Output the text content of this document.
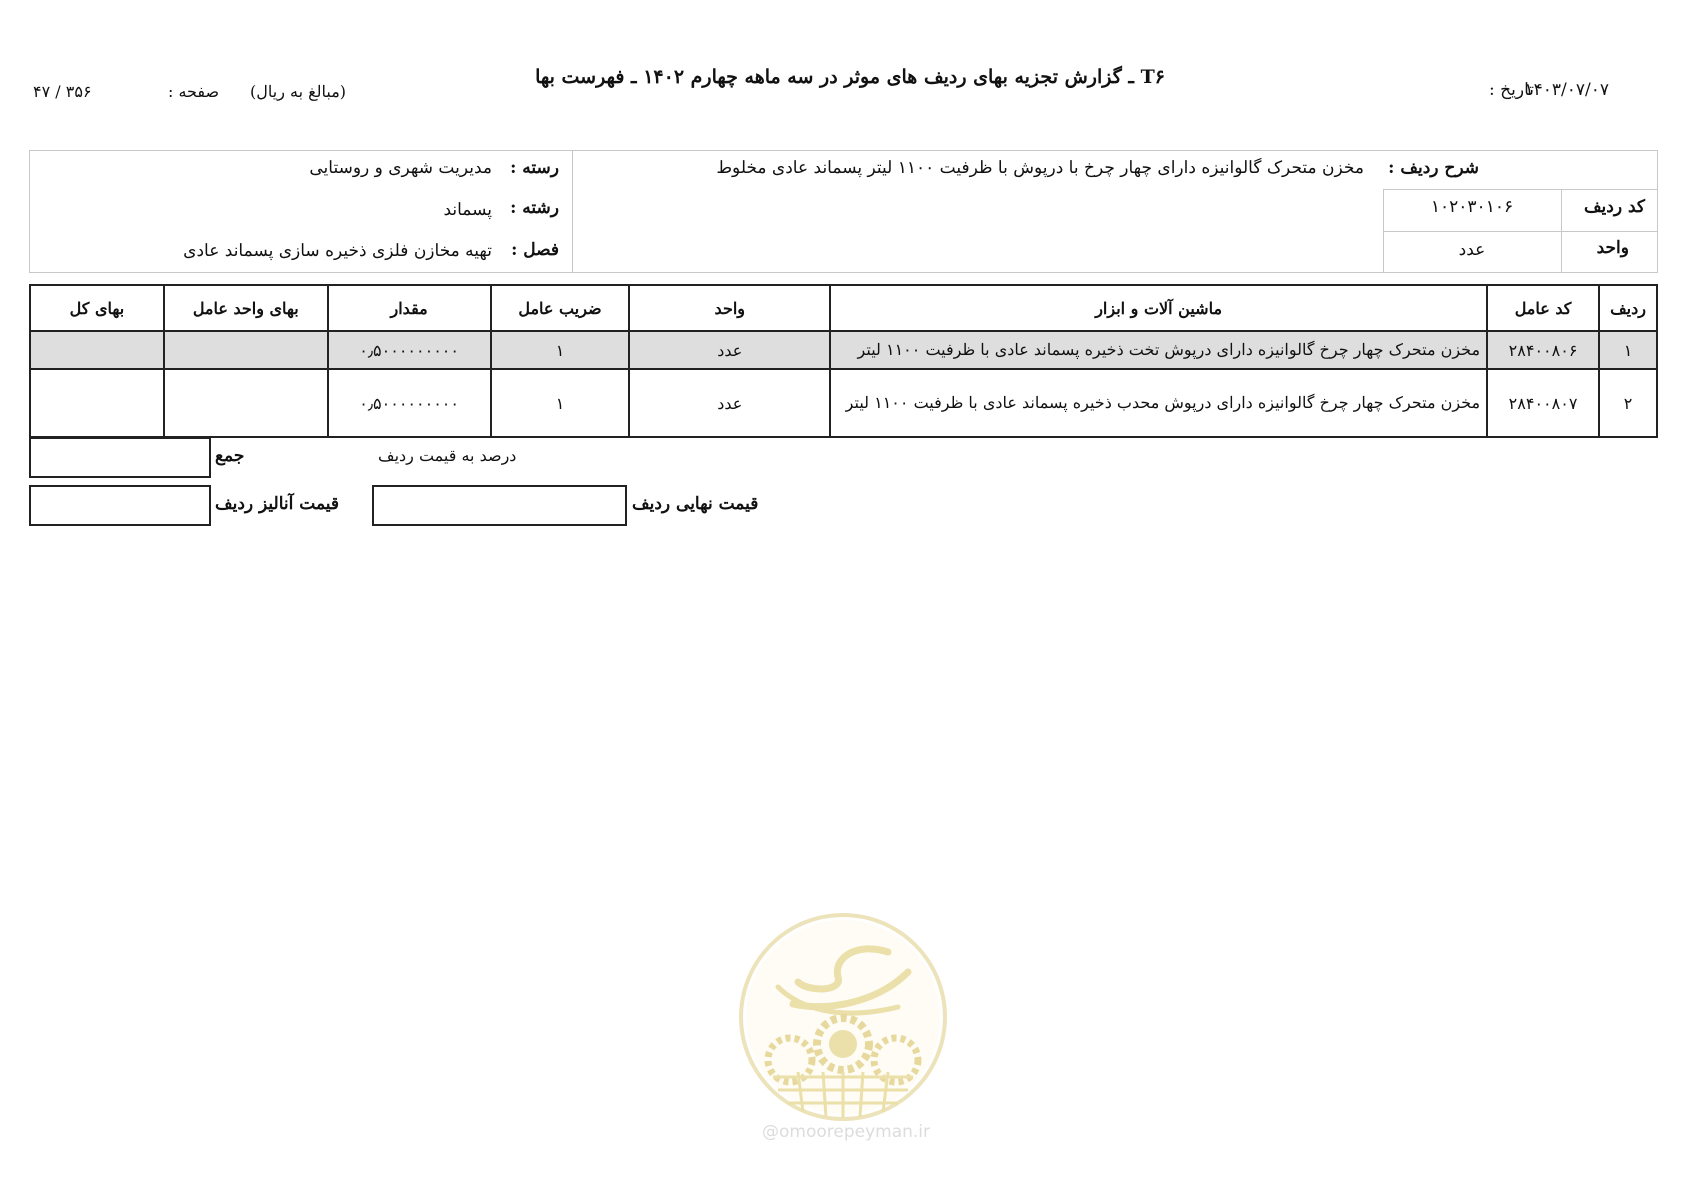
تاریخ :
۱۴۰۳/۰۷/۰۷
T۶ ـ گزارش تجزیه بهای ردیف های موثر در سه ماهه چهارم ۱۴۰۲ ـ فهرست بها
(مبالغ به ریال)
صفحه :
۴۷ / ۳۵۶
شرح ردیف :
مخزن متحرک گالوانیزه دارای چهار چرخ با درپوش با ظرفیت ۱۱۰۰ لیتر پسماند عادی مخلوط
کد ردیف
۱۰۲۰۳۰۱۰۶
واحد
عدد
رسته :
مدیریت شهری و روستایی
رشته :
پسماند
فصل :
تهیه مخازن فلزی ذخیره سازی پسماند عادی
ردیف	کد عامل	ماشین آلات و ابزار	واحد	ضریب عامل	مقدار	بهای واحد عامل	بهای کل
۱	۲۸۴۰۰۸۰۶	مخزن متحرک چهار چرخ گالوانیزه دارای درپوش تخت ذخیره پسماند عادی با ظرفیت ۱۱۰۰ لیتر	عدد	۱	۰٫۵۰۰۰۰۰۰۰۰۰		
۲	۲۸۴۰۰۸۰۷	مخزن متحرک چهار چرخ گالوانیزه دارای درپوش محدب ذخیره پسماند عادی با ظرفیت ۱۱۰۰ لیتر	عدد	۱	۰٫۵۰۰۰۰۰۰۰۰۰		
جمع	درصد به قیمت ردیف
قیمت آنالیز ردیف	قیمت نهایی ردیف
@omoorepeyman.ir
